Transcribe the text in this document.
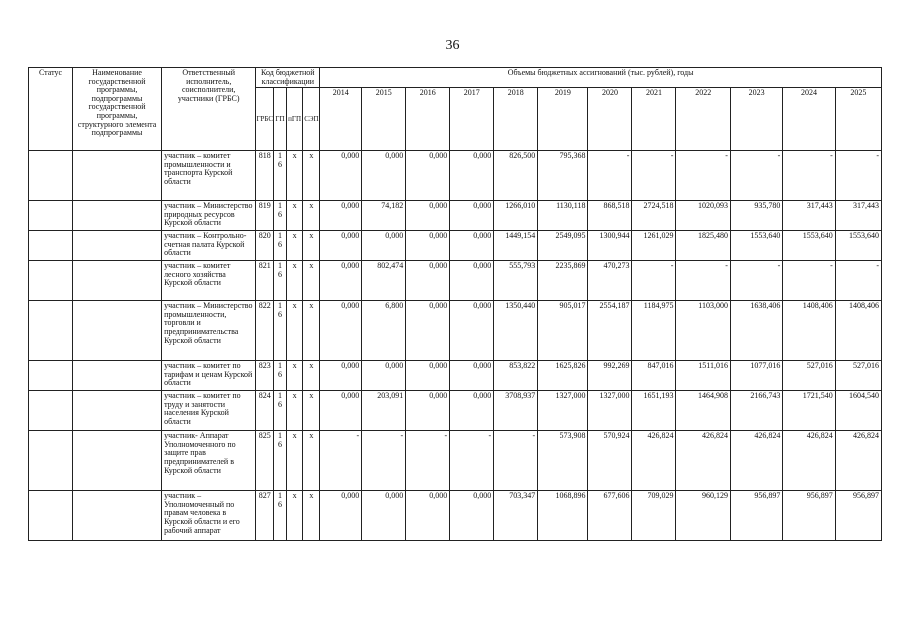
36
Статус	Наименование государственной программы, подпрограммы государственной программы, структурного элемента подпрограммы	Ответственный исполнитель, соисполнители, участники (ГРБС)	Код бюджетной классификации				Объемы бюджетных ассигнований (тыс. рублей), годы											
			ГРБС	ГП	пГП	СЭП	2014	2015	2016	2017	2018	2019	2020	2021	2022	2023	2024	2025

		участник – комитет промышленности и транспорта Курской области	818	16	х	х	0,000	0,000	0,000	0,000	826,500	795,368	-	-	-	-	-	-
		участник – Министерство природных ресурсов Курской области	819	16	х	х	0,000	74,182	0,000	0,000	1266,010	1130,118	868,518	2724,518	1020,093	935,780	317,443	317,443
		участник – Контрольно-счетная палата Курской области	820	16	х	х	0,000	0,000	0,000	0,000	1449,154	2549,095	1300,944	1261,029	1825,480	1553,640	1553,640	1553,640
		участник – комитет лесного хозяйства Курской области	821	16	х	х	0,000	802,474	0,000	0,000	555,793	2235,869	470,273	-	-	-	-	-
		участник – Министерство промышленности, торговли и предпринимательства Курской области	822	16	х	х	0,000	6,800	0,000	0,000	1350,440	905,017	2554,187	1184,975	1103,000	1638,406	1408,406	1408,406
		участник – комитет по тарифам и ценам Курской области	823	16	х	х	0,000	0,000	0,000	0,000	853,822	1625,826	992,269	847,016	1511,016	1077,016	527,016	527,016
		участник – комитет по труду и занятости населения Курской области	824	16	х	х	0,000	203,091	0,000	0,000	3708,937	1327,000	1327,000	1651,193	1464,908	2166,743	1721,540	1604,540
		участник- Аппарат Уполномоченного по защите прав предпринимателей в Курской области	825	16	х	х	-	-	-	-	-	573,908	570,924	426,824	426,824	426,824	426,824	426,824
		участник – Уполномоченный по правам человека в Курской области и его рабочий аппарат	827	16	х	х	0,000	0,000	0,000	0,000	703,347	1068,896	677,606	709,029	960,129	956,897	956,897	956,897
